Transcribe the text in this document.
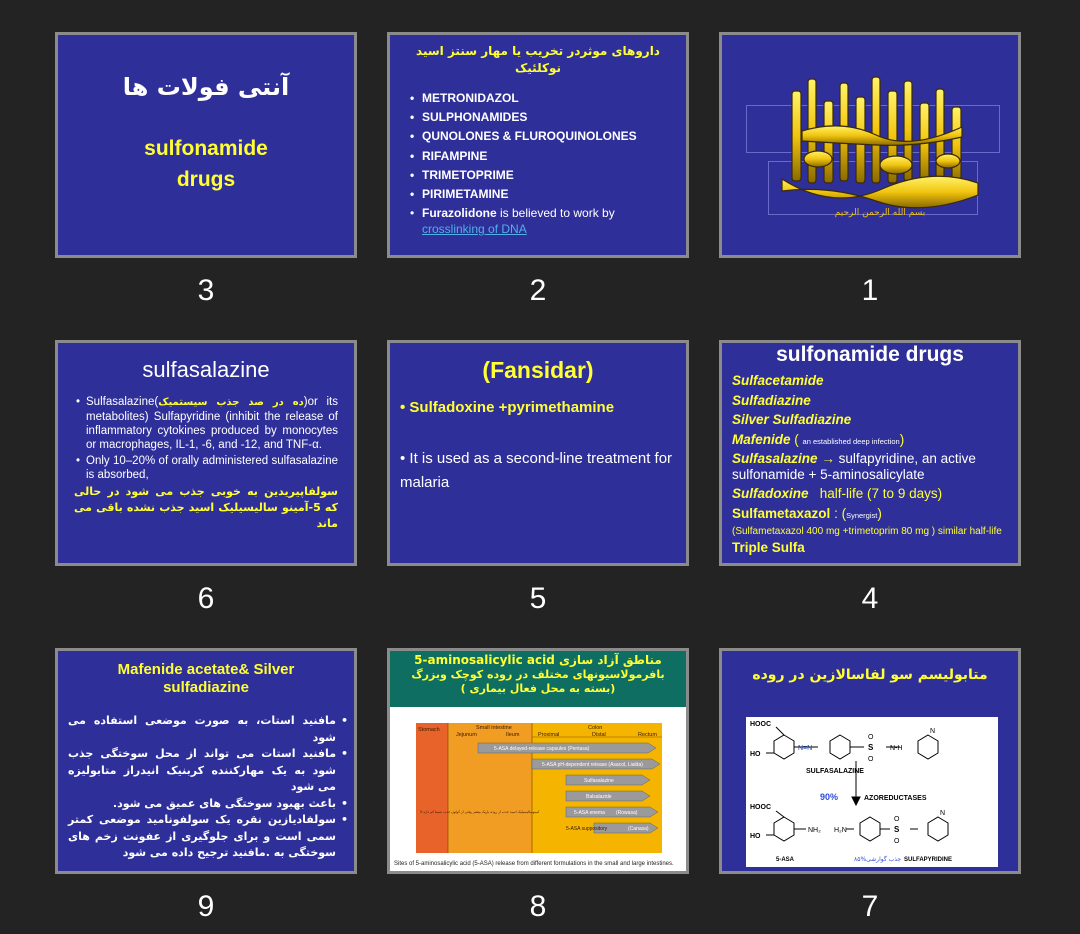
آنتی فولات ها
sulfonamide
drugs
3
داروهای موثردر تخریب یا مهار سنتز اسید نوکلئیک
• METRONIDAZOL
• SULPHONAMIDES
• QUNOLONES & FLUROQUINOLONES
• RIFAMPINE
• TRIMETOPRIME
• PIRIMETAMINE
• Furazolidone is believed to work by crosslinking of DNA
2
بسم الله الرحمن الرحیم
1
sulfasalazine
• Sulfasalazine(ده در صد جذب سیستمیک)or its metabolites) Sulfapyridine (inhibit the release of inflammatory cytokines produced by monocytes or macrophages, IL-1, -6, and -12, and TNF-α.
• Only 10–20% of orally administered sulfasalazine is absorbed,
سولفاپیریدین به خوبی جذب می شود در حالی که 5-آمینو سالیسیلیک اسید جذب نشده باقی می ماند
6
(Fansidar)
• Sulfadoxine +pyrimethamine
• It is used as a second-line treatment for malaria
5
sulfonamide drugs
Sulfacetamide
Sulfadiazine
Silver Sulfadiazine
Mafenide ( an established deep infection)
Sulfasalazine → sulfapyridine, an active sulfonamide + 5-aminosalicylate
Sulfadoxine half-life (7 to 9 days)
Sulfametaxazol : (Synergist)
(Sulfametaxazol 400 mg +trimetoprim 80 mg ) similar half-life
Triple Sulfa
4
Mafenide acetate& Silver
sulfadiazine
• مافنید استات، به صورت موضعی استفاده می شود
• مافنید استات می تواند از محل سوختگی جذب شود به یک مهارکننده کربنیک انیدراز متابولیزه می شود
• باعث بهبود سوختگی های عمیق می شود.
• سولفادیازین نقره یک سولفونامید موضعی کمتر سمی است و برای جلوگیری از عفونت زخم های سوختگی به .مافنید ترجیح داده می شود
9
5-aminosalicylic acid مناطق آزاد سازی
بافرمولاسیونهای مختلف در روده کوچک وبزرگ (بسته به محل فعال بیماری )
Stomach	Small intestine	Colon
Jejunum	Ileum	Proximal	Distal	Rectum
5-ASA delayed-release capsules (Pentasa)
5-ASA pH-dependent release (Asacol, Lialda)
Sulfasalazine
Balsalazide
5-ASA enema (Rowasa)
5-ASA suppository	(Canasa)
5-آمینوسالیسیلیک اسید جذب از روده باریک بیشتر وقتی از کولون جذب نسبتا کم دارد
Sites of 5-aminosalicylic acid (5-ASA) release from different formulations in the small and large intestines.
8
متابولیسم سو لفاسالازین در روده
HOOC
HO
N=N
O
S
O
N-H
N
SULFASALAZINE
90%	AZOREDUCTASES
HOOC
HO
NH₂ H₂N
O
S
O
N
5-ASA	۸۵%جذب گوارشی SULFAPYRIDINE
7
